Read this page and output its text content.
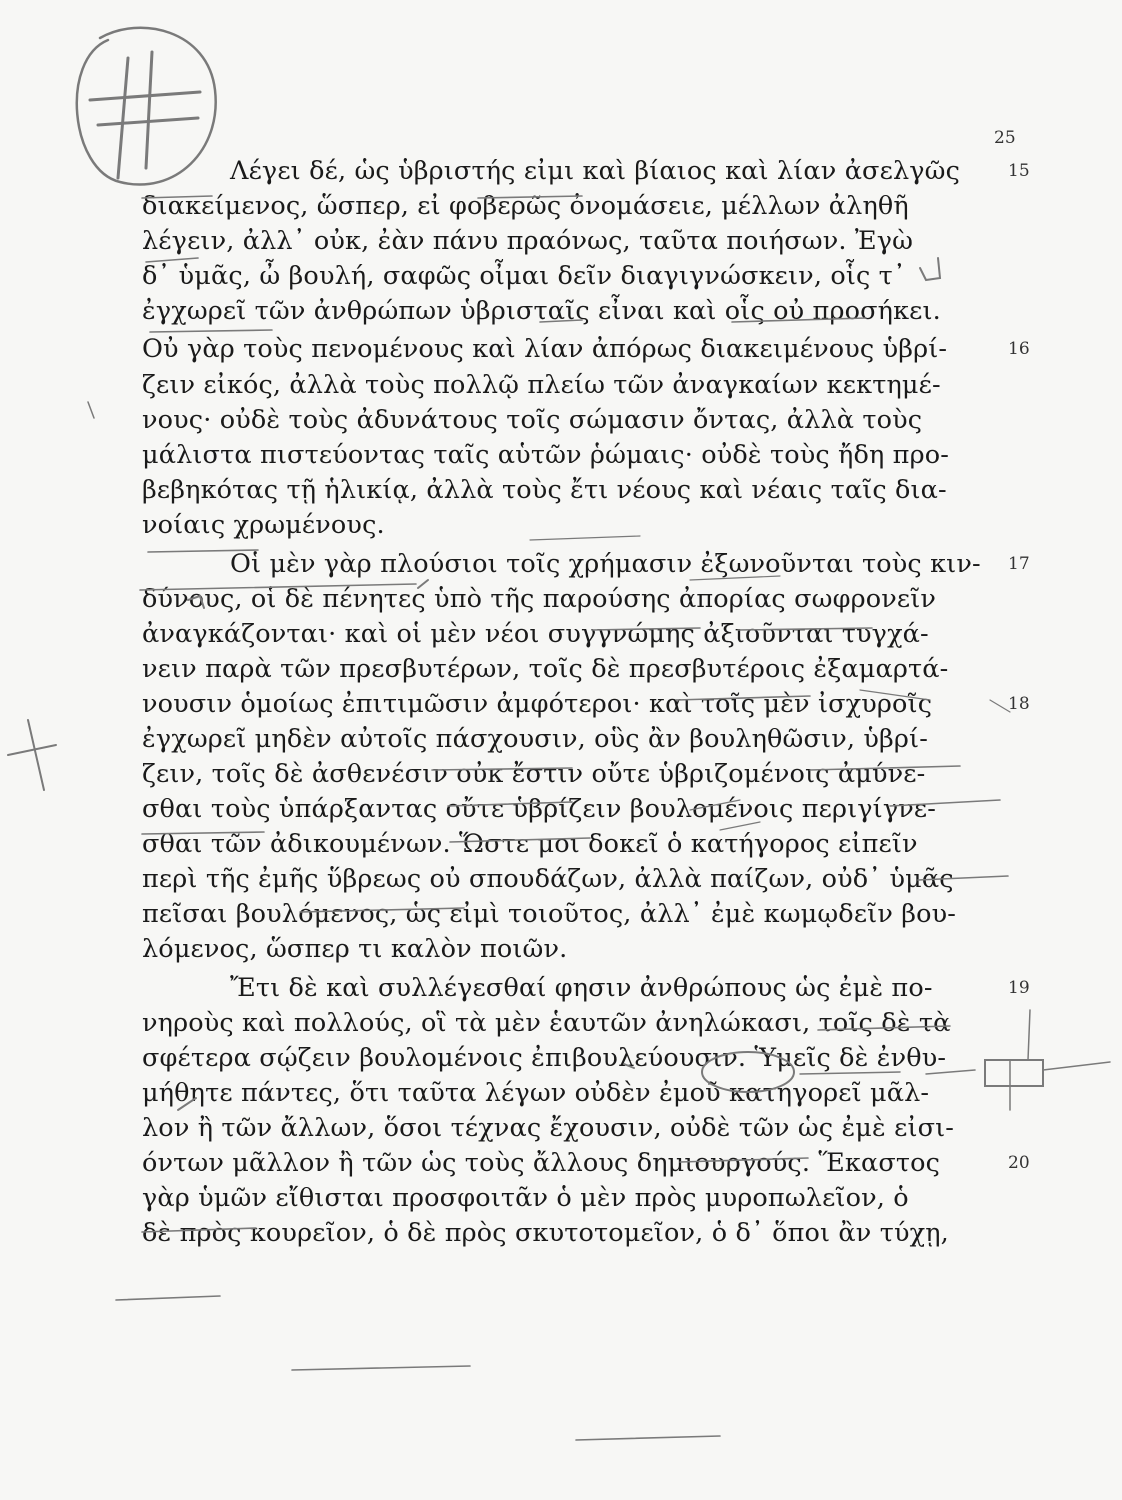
25

Λέγει δέ, ὡς ὑβριστής εἰμι καὶ βίαιος καὶ λίαν ἀσελγῶς	15

διακείμενος, ὥσπερ, εἰ φοβερῶς ὀνομάσειε, μέλλων ἀληθῆ

λέγειν, ἀλλ᾽ οὐκ, ἐὰν πάνυ πραόνως, ταῦτα ποιήσων. Ἐγὼ

δ᾽ ὑμᾶς, ὦ βουλή, σαφῶς οἶμαι δεῖν διαγιγνώσκειν, οἷς τ᾽

ἐγχωρεῖ τῶν ἀνθρώπων ὑβρισταῖς εἶναι καὶ οἷς οὐ προσήκει.

Οὐ γὰρ τοὺς πενομένους καὶ λίαν ἀπόρως διακειμένους ὑβρί-	16

ζειν εἰκός, ἀλλὰ τοὺς πολλῷ πλείω τῶν ἀναγκαίων κεκτημέ-

νους· οὐδὲ τοὺς ἀδυνάτους τοῖς σώμασιν ὄντας, ἀλλὰ τοὺς

μάλιστα πιστεύοντας ταῖς αὑτῶν ῥώμαις· οὐδὲ τοὺς ἤδη προ-

βεβηκότας τῇ ἡλικίᾳ, ἀλλὰ τοὺς ἔτι νέους καὶ νέαις ταῖς δια-

νοίαις χρωμένους.

Οἱ μὲν γὰρ πλούσιοι τοῖς χρήμασιν ἐξωνοῦνται τοὺς κιν- 17

δύνους, οἱ δὲ πένητες ὑπὸ τῆς παρούσης ἀπορίας σωφρονεῖν

ἀναγκάζονται· καὶ οἱ μὲν νέοι συγγνώμης ἀξιοῦνται τυγχά-

νειν παρὰ τῶν πρεσβυτέρων, τοῖς δὲ πρεσβυτέροις ἐξαμαρτά-

νουσιν ὁμοίως ἐπιτιμῶσιν ἀμφότεροι· καὶ τοῖς μὲν ἰσχυροῖς	18

ἐγχωρεῖ μηδὲν αὐτοῖς πάσχουσιν, οὓς ἂν βουληθῶσιν, ὑβρί-

ζειν, τοῖς δὲ ἀσθενέσιν οὐκ ἔστιν οὔτε ὑβριζομένοις ἀμύνε-

σθαι τοὺς ὑπάρξαντας οὔτε ὑβρίζειν βουλομένοις περιγίγνε-

σθαι τῶν ἀδικουμένων. Ὥστε μοι δοκεῖ ὁ κατήγορος εἰπεῖν

περὶ τῆς ἐμῆς ὕβρεως οὐ σπουδάζων, ἀλλὰ παίζων, οὐδ᾽ ὑμᾶς

πεῖσαι βουλόμενος, ὡς εἰμὶ τοιοῦτος, ἀλλ᾽ ἐμὲ κωμῳδεῖν βου-

λόμενος, ὥσπερ τι καλὸν ποιῶν.

Ἔτι δὲ καὶ συλλέγεσθαί φησιν ἀνθρώπους ὡς ἐμὲ πο-	19

νηροὺς καὶ πολλούς, οἳ τὰ μὲν ἑαυτῶν ἀνηλώκασι, τοῖς δὲ τὰ

σφέτερα σῴζειν βουλομένοις ἐπιβουλεύουσιν. Ὑμεῖς δὲ ἐνθυ-

μήθητε πάντες, ὅτι ταῦτα λέγων οὐδὲν ἐμοῦ κατηγορεῖ μᾶλ-

λον ἢ τῶν ἄλλων, ὅσοι τέχνας ἔχουσιν, οὐδὲ τῶν ὡς ἐμὲ εἰσι-

όντων μᾶλλον ἢ τῶν ὡς τοὺς ἄλλους δημιουργούς. Ἕκαστος	20

γὰρ ὑμῶν εἴθισται προσφοιτᾶν ὁ μὲν πρὸς μυροπωλεῖον, ὁ

δὲ πρὸς κουρεῖον, ὁ δὲ πρὸς σκυτοτομεῖον, ὁ δ᾽ ὅποι ἂν τύχῃ,
